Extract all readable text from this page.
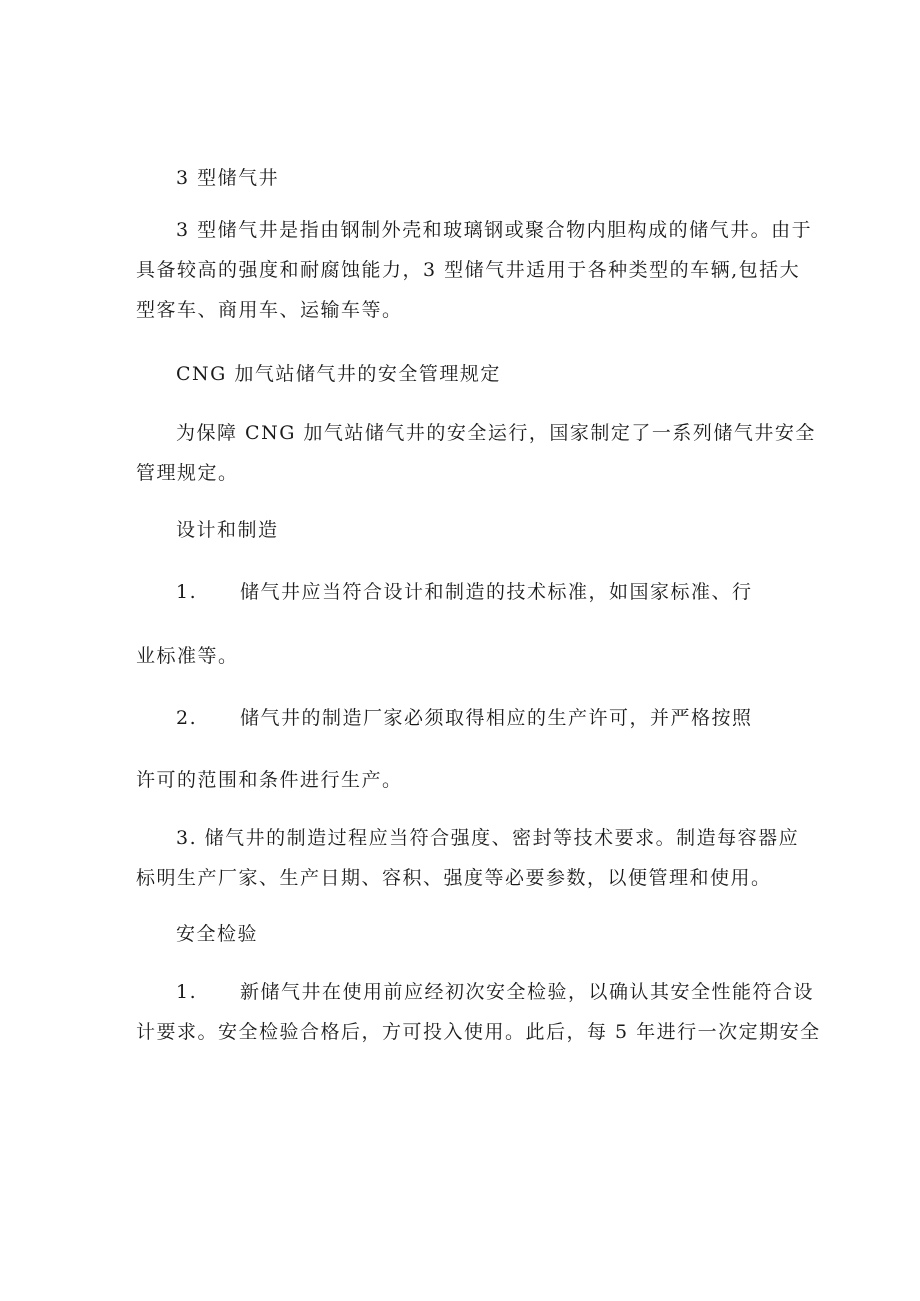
3 型储气井
3 型储气井是指由钢制外壳和玻璃钢或聚合物内胆构成的储气井。由于
具备较高的强度和耐腐蚀能力，3 型储气井适用于各种类型的车辆,包括大
型客车、商用车、运输车等。
CNG 加气站储气井的安全管理规定
为保障 CNG 加气站储气井的安全运行，国家制定了一系列储气井安全
管理规定。
设计和制造
1. 储气井应当符合设计和制造的技术标准，如国家标准、行
业标准等。
2. 储气井的制造厂家必须取得相应的生产许可，并严格按照
许可的范围和条件进行生产。
3. 储气井的制造过程应当符合强度、密封等技术要求。制造每容器应
标明生产厂家、生产日期、容积、强度等必要参数，以便管理和使用。
安全检验
1. 新储气井在使用前应经初次安全检验，以确认其安全性能符合设
计要求。安全检验合格后，方可投入使用。此后，每 5 年进行一次定期安全
